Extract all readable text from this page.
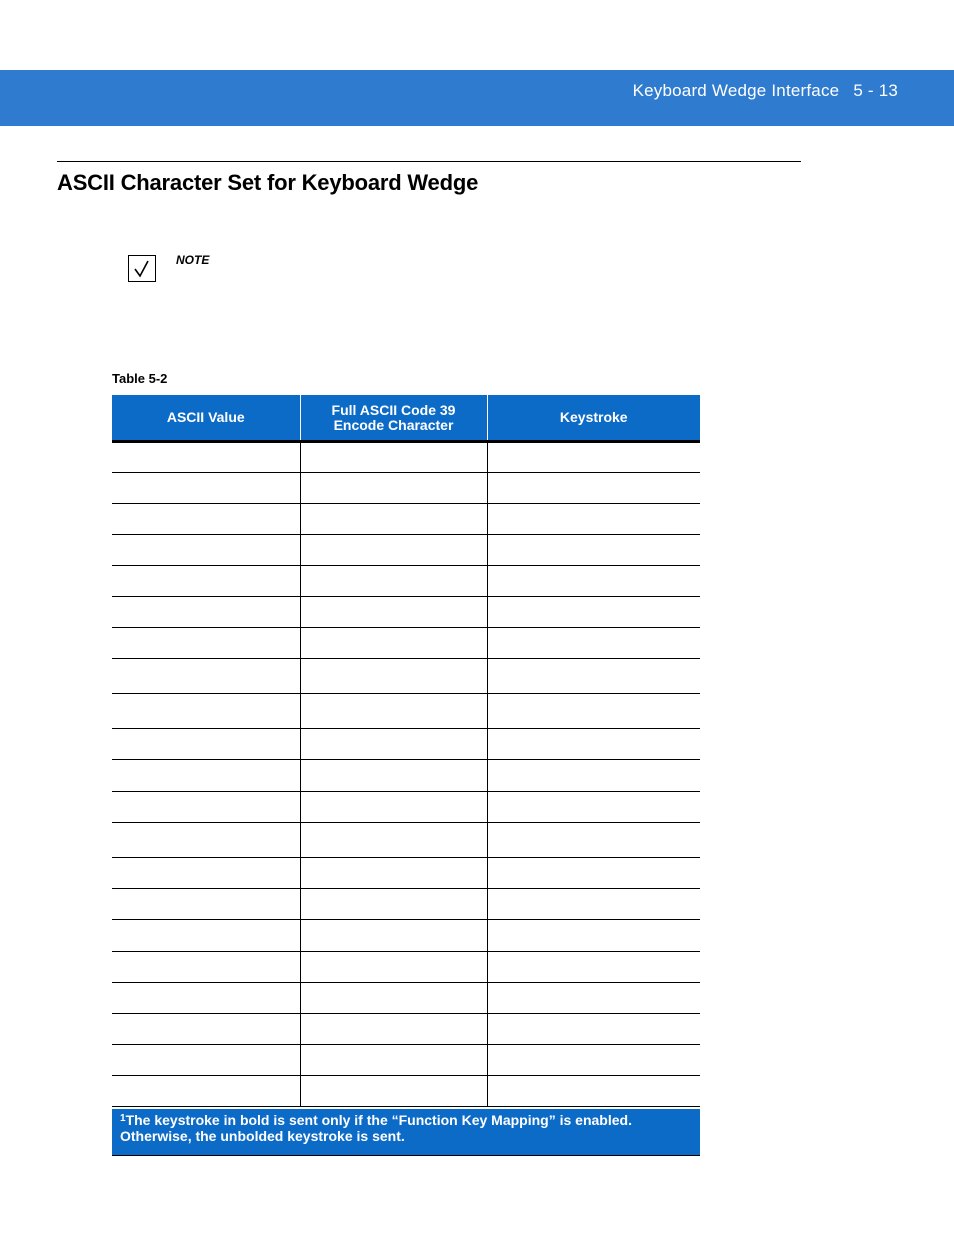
Keyboard Wedge Interface 5 - 13
ASCII Character Set for Keyboard Wedge
NOTE
Table 5-2
ASCII Value	Full ASCII Code 39 Encode Character	Keystroke

$^1$The keystroke in bold is sent only if the “Function Key Mapping” is enabled. Otherwise, the unbolded keystroke is sent.
